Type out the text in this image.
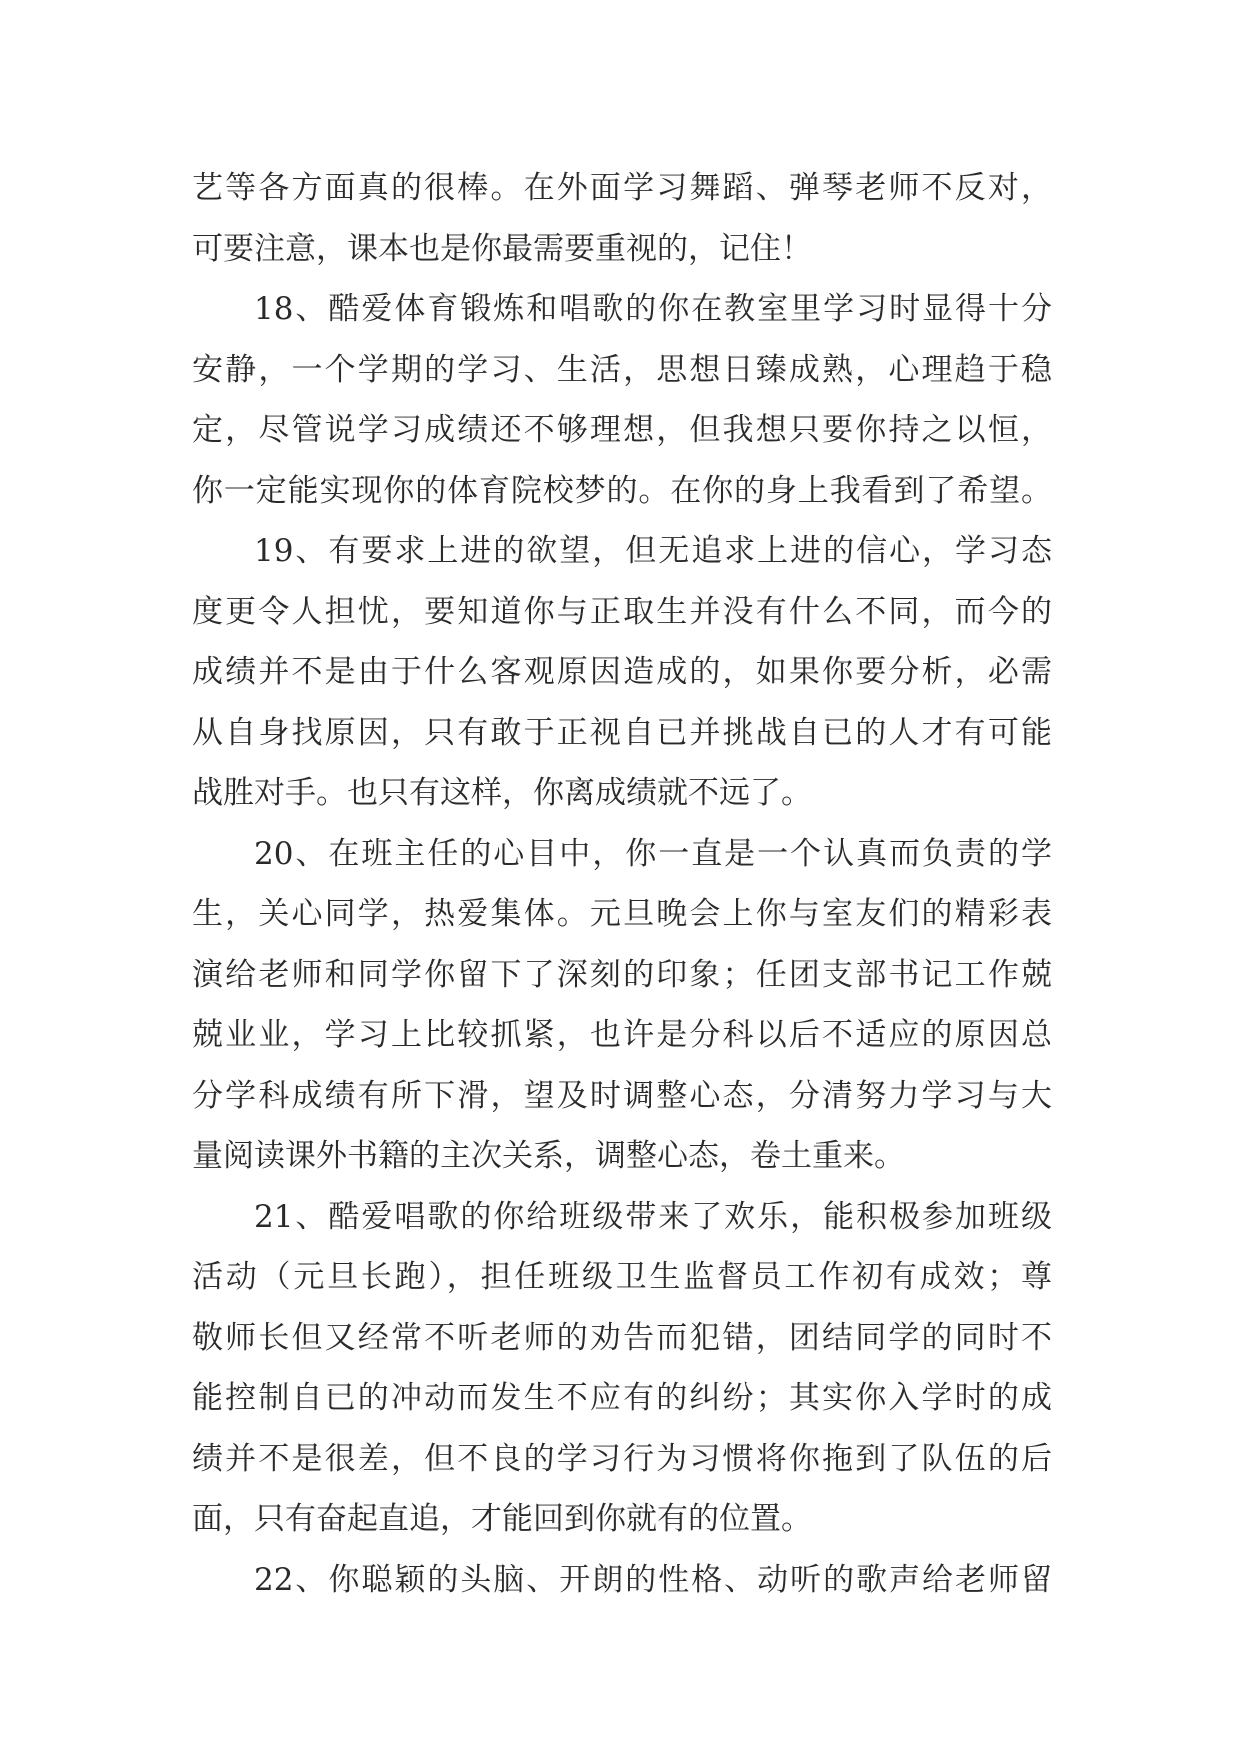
艺等各方面真的很棒。在外面学习舞蹈、弹琴老师不反对，
可要注意，课本也是你最需要重视的，记住！
18、酷爱体育锻炼和唱歌的你在教室里学习时显得十分
安静，一个学期的学习、生活，思想日臻成熟，心理趋于稳
定，尽管说学习成绩还不够理想，但我想只要你持之以恒，
你一定能实现你的体育院校梦的。在你的身上我看到了希望。
19、有要求上进的欲望，但无追求上进的信心，学习态
度更令人担忧，要知道你与正取生并没有什么不同，而今的
成绩并不是由于什么客观原因造成的，如果你要分析，必需
从自身找原因，只有敢于正视自已并挑战自已的人才有可能
战胜对手。也只有这样，你离成绩就不远了。
20、在班主任的心目中，你一直是一个认真而负责的学
生，关心同学，热爱集体。元旦晚会上你与室友们的精彩表
演给老师和同学你留下了深刻的印象；任团支部书记工作兢
兢业业，学习上比较抓紧，也许是分科以后不适应的原因总
分学科成绩有所下滑，望及时调整心态，分清努力学习与大
量阅读课外书籍的主次关系，调整心态，卷土重来。
21、酷爱唱歌的你给班级带来了欢乐，能积极参加班级
活动（元旦长跑），担任班级卫生监督员工作初有成效；尊
敬师长但又经常不听老师的劝告而犯错，团结同学的同时不
能控制自已的冲动而发生不应有的纠纷；其实你入学时的成
绩并不是很差，但不良的学习行为习惯将你拖到了队伍的后
面，只有奋起直追，才能回到你就有的位置。
22、你聪颖的头脑、开朗的性格、动听的歌声给老师留
